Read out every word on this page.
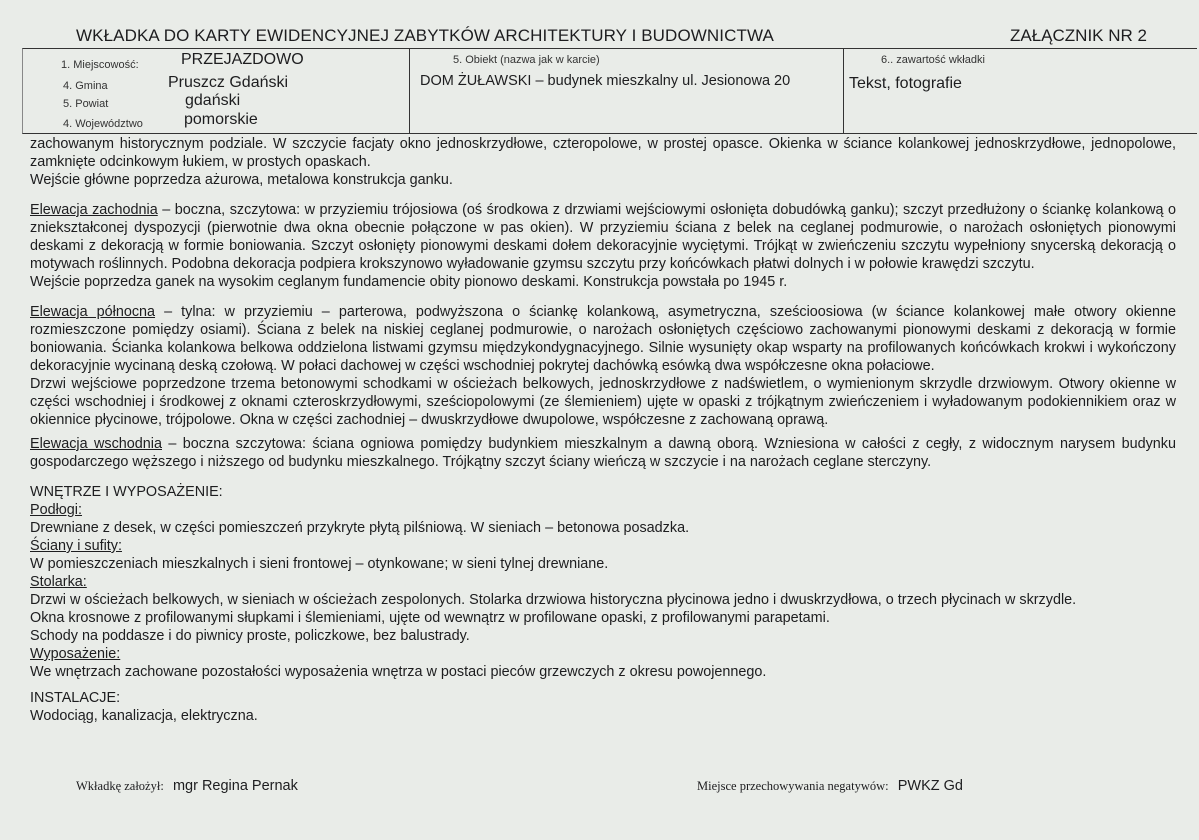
WKŁADKA DO KARTY EWIDENCYJNEJ ZABYTKÓW ARCHITEKTURY I BUDOWNICTWA	ZAŁĄCZNIK NR 2
1. Miejscowość:	PRZEJAZDOWO
4. Gmina	Pruszcz Gdański
5. Powiat	gdański
4. Województwo	pomorskie
5. Obiekt (nazwa jak w karcie)
DOM ŻUŁAWSKI – budynek mieszkalny ul. Jesionowa 20
6.. zawartość wkładki
Tekst, fotografie

zachowanym historycznym podziale. W szczycie facjaty okno jednoskrzydłowe, czteropolowe, w prostej opasce. Okienka w ściance kolankowej jednoskrzydłowe, jednopolowe, zamknięte odcinkowym łukiem, w prostych opaskach.

Wejście główne poprzedza ażurowa, metalowa konstrukcja ganku.

Elewacja zachodnia – boczna, szczytowa: w przyziemiu trójosiowa (oś środkowa z drzwiami wejściowymi osłonięta dobudówką ganku); szczyt przedłużony o ściankę kolankową o zniekształconej dyspozycji (pierwotnie dwa okna obecnie połączone w pas okien). W przyziemiu ściana z belek na ceglanej podmurowie, o narożach osłoniętych pionowymi deskami z dekoracją w formie boniowania. Szczyt osłonięty pionowymi deskami dołem dekoracyjnie wyciętymi. Trójkąt w zwieńczeniu szczytu wypełniony snycerską dekoracją o motywach roślinnych. Podobna dekoracja podpiera krokszynowo wyładowanie gzymsu szczytu przy końcówkach płatwi dolnych i w połowie krawędzi szczytu.

Wejście poprzedza ganek na wysokim ceglanym fundamencie obity pionowo deskami. Konstrukcja powstała po 1945 r.

Elewacja północna – tylna: w przyziemiu – parterowa, podwyższona o ściankę kolankową, asymetryczna, sześcioosiowa (w ściance kolankowej małe otwory okienne rozmieszczone pomiędzy osiami). Ściana z belek na niskiej ceglanej podmurowie, o narożach osłoniętych częściowo zachowanymi pionowymi deskami z dekoracją w formie boniowania. Ścianka kolankowa belkowa oddzielona listwami gzymsu międzykondygnacyjnego. Silnie wysunięty okap wsparty na profilowanych końcówkach krokwi i wykończony dekoracyjnie wycinaną deską czołową. W połaci dachowej w części wschodniej pokrytej dachówką esówką dwa współczesne okna połaciowe.

Drzwi wejściowe poprzedzone trzema betonowymi schodkami w ościeżach belkowych, jednoskrzydłowe z nadświetlem, o wymienionym skrzydle drzwiowym. Otwory okienne w części wschodniej i środkowej z oknami czteroskrzydłowymi, sześciopolowymi (ze ślemieniem) ujęte w opaski z trójkątnym zwieńczeniem i wyładowanym podokiennikiem oraz w okiennice płycinowe, trójpolowe. Okna w części zachodniej – dwuskrzydłowe dwupolowe, współczesne z zachowaną oprawą.

Elewacja wschodnia – boczna szczytowa: ściana ogniowa pomiędzy budynkiem mieszkalnym a dawną oborą. Wzniesiona w całości z cegły, z widocznym narysem budynku gospodarczego węższego i niższego od budynku mieszkalnego. Trójkątny szczyt ściany wieńczą w szczycie i na narożach ceglane sterczyny.

WNĘTRZE I WYPOSAŻENIE:

Podłogi:

Drewniane z desek, w części pomieszczeń przykryte płytą pilśniową. W sieniach – betonowa posadzka.

Ściany i sufity:

W pomieszczeniach mieszkalnych i sieni frontowej – otynkowane; w sieni tylnej drewniane.

Stolarka:

Drzwi w ościeżach belkowych, w sieniach w ościeżach zespolonych. Stolarka drzwiowa historyczna płycinowa jedno i dwuskrzydłowa, o trzech płycinach w skrzydle.

Okna krosnowe z profilowanymi słupkami i ślemieniami, ujęte od wewnątrz w profilowane opaski, z profilowanymi parapetami.

Schody na poddasze i do piwnicy proste, policzkowe, bez balustrady.

Wyposażenie:

We wnętrzach zachowane pozostałości wyposażenia wnętrza w postaci pieców grzewczych z okresu powojennego.

INSTALACJE:

Wodociąg, kanalizacja, elektryczna.

Wkładkę założył: mgr Regina Pernak	Miejsce przechowywania negatywów: PWKZ Gd
